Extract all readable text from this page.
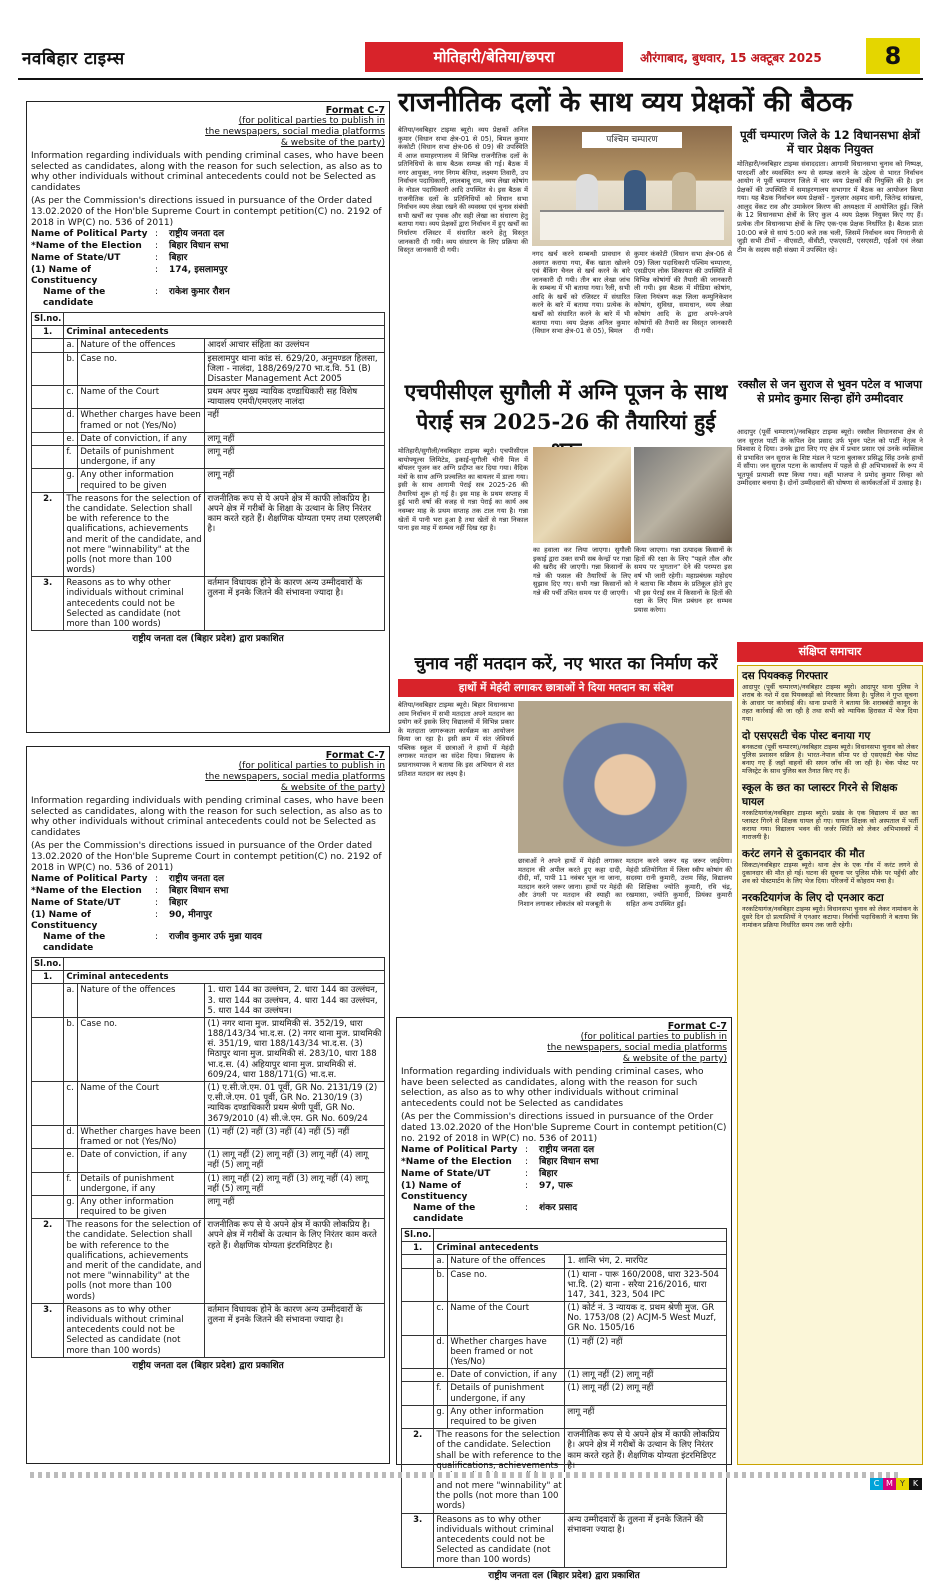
नवबिहार टाइम्स	मोतिहारी/बेतिया/छपरा	औरंगाबाद, बुधवार, 15 अक्टूबर 2025	8
Format C-7
(for political parties to publish in
the newspapers, social media platforms
& website of the party)
Information regarding individuals with pending criminal cases, who have been selected as candidates, along with the reason for such selection, as also as to why other individuals without criminal antecedents could not be Selected as candidates
(As per the Commission's directions issued in pursuance of the Order dated 13.02.2020 of the Hon'ble Supreme Court in contempt petition(C) no. 2192 of 2018 in WP(C) no. 536 of 2011)
Name of Political Party :	राष्ट्रीय जनता दल
*Name of the Election	:	बिहार विधान सभा
Name of State/UT	:	बिहार
(1) Name of Constituency
:	174, इसलामपुर
Name of the candidate
:	राकेश कुमार रौशन
Sl.no.			
1.	Criminal antecedents		
	a.	Nature of the offences	आदर्श आचार संहिता का उल्लंघन
	b.	Case no.	इसलामपुर थाना कांड सं. 629/20, अनुमण्डल हिलसा, जिला - नालंदा, 188/269/270 भा.द.वि. 51 (B) Disaster Management Act 2005
	c.	Name of the Court	प्रथम अपर मुख्य न्यायिक दण्डाधिकारी सह विशेष न्यायालय एमपी/एमएलए नालंदा
	d.	Whether charges have been framed or not (Yes/No)	नहीं
	e.	Date of conviction, if any	लागू नहीं
	f.	Details of punishment undergone, if any	लागू नहीं
	g.	Any other information required to be given	लागू नहीं
2.	The reasons for the selection of the candidate. Selection shall be with reference to the qualifications, achievements and merit of the candidate, and not mere "winnability" at the polls (not more than 100 words)		राजनीतिक रूप से ये अपने क्षेत्र में काफी लोकप्रिय है। अपने क्षेत्र में गरीबों के शिक्षा के उत्थान के लिए निरंतर काम करते रहते हैं। शैक्षणिक योग्यता एमए तथा एलएलबी है।
3.	Reasons as to why other individuals without criminal antecedents could not be Selected as candidate (not more than 100 words)		वर्तमान विधायक होने के कारण अन्य उम्मीदवारों के तुलना में इनके जितने की संभावना ज्यादा है।
राष्ट्रीय जनता दल (बिहार प्रदेश) द्वारा प्रकाशित
Format C-7
(for political parties to publish in
the newspapers, social media platforms
& website of the party)
Information regarding individuals with pending criminal cases, who have been selected as candidates, along with the reason for such selection, as also as to why other individuals without criminal antecedents could not be Selected as candidates
(As per the Commission's directions issued in pursuance of the Order dated 13.02.2020 of the Hon'ble Supreme Court in contempt petition(C) no. 2192 of 2018 in WP(C) no. 536 of 2011)
Name of Political Party :	राष्ट्रीय जनता दल
*Name of the Election	:	बिहार विधान सभा
Name of State/UT	:	बिहार
(1) Name of Constituency
:	90, मीनापुर
Name of the candidate
:	राजीव कुमार उर्फ मुन्ना यादव
Sl.no.			
1.	Criminal antecedents		
	a.	Nature of the offences	1. धारा 144 का उल्लंघन, 2. धारा 144 का उल्लंघन, 3. धारा 144 का उल्लंघन, 4. धारा 144 का उल्लंघन, 5. धारा 144 का उल्लंघन।
	b.	Case no.	(1) नगर थाना मुज. प्राथमिकी सं. 352/19, धारा 188/143/34 भा.द.स. (2) नगर थाना मुज. प्राथमिकी सं. 351/19, धारा 188/143/34 भा.द.स. (3) मिठापुर थाना मुज. प्राथमिकी सं. 283/10, धारा 188 भा.द.स. (4) अहियापुर थाना मुज. प्राथमिकी सं. 609/24, धारा 188/171(G) भा.द.स.
	c.	Name of the Court	(1) ए.सी.जे.एम. 01 पूर्वी, GR No. 2131/19 (2) ए.सी.जे.एम. 01 पूर्वी, GR No. 2130/19 (3) न्यायिक दण्डाधिकारी प्रथम श्रेणी पूर्वी, GR No. 3679/2010 (4) सी.जे.एम. GR No. 609/24
	d.	Whether charges have been framed or not (Yes/No)	(1) नहीं (2) नहीं (3) नहीं (4) नहीं (5) नहीं
	e.	Date of conviction, if any	(1) लागू नहीं (2) लागू नहीं (3) लागू नहीं (4) लागू नहीं (5) लागू नहीं
	f.	Details of punishment undergone, if any	(1) लागू नहीं (2) लागू नहीं (3) लागू नहीं (4) लागू नहीं (5) लागू नहीं
	g.	Any other information required to be given	लागू नहीं
2.	The reasons for the selection of the candidate. Selection shall be with reference to the qualifications, achievements and merit of the candidate, and not mere "winnability" at the polls (not more than 100 words)		राजनीतिक रूप से ये अपने क्षेत्र में काफी लोकप्रिय है। अपने क्षेत्र में गरीबों के उत्थान के लिए निरंतर काम करते रहते हैं। शैक्षणिक योग्यता इंटरमिडिएट है।
3.	Reasons as to why other individuals without criminal antecedents could not be Selected as candidate (not more than 100 words)		वर्तमान विधायक होने के कारण अन्य उम्मीदवारों के तुलना में इनके जितने की संभावना ज्यादा है।
राष्ट्रीय जनता दल (बिहार प्रदेश) द्वारा प्रकाशित
Format C-7
(for political parties to publish in
the newspapers, social media platforms
& website of the party)
Information regarding individuals with pending criminal cases, who have been selected as candidates, along with the reason for such selection, as also as to why other individuals without criminal antecedents could not be Selected as candidates
(As per the Commission's directions issued in pursuance of the Order dated 13.02.2020 of the Hon'ble Supreme Court in contempt petition(C) no. 2192 of 2018 in WP(C) no. 536 of 2011)
Name of Political Party :	राष्ट्रीय जनता दल
*Name of the Election	:	बिहार विधान सभा
Name of State/UT	:	बिहार
(1) Name of Constituency
:	97, पारू
Name of the candidate
:	शंकर प्रसाद
Sl.no.			
1.	Criminal antecedents		
	a.	Nature of the offences	1. शान्ति भंग, 2. मारपिट
	b.	Case no.	(1) थाना - पारू 160/2008, धारा 323-504 भा.दि. (2) थाना - सरैया 216/2016, धारा 147, 341, 323, 504 IPC
	c.	Name of the Court	(1) कोर्ट नं. 3 न्यायक द. प्रथम श्रेणी मुज. GR No. 1753/08 (2) ACJM-5 West Muzf, GR No. 1505/16
	d.	Whether charges have been framed or not (Yes/No)	(1) नहीं (2) नहीं
	e.	Date of conviction, if any	(1) लागू नहीं (2) लागू नहीं
	f.	Details of punishment undergone, if any	(1) लागू नहीं (2) लागू नहीं
	g.	Any other information required to be given	लागू नहीं
2.	The reasons for the selection of the candidate. Selection shall be with reference to the qualifications, achievements and not mere "winnability" at the polls (not more than 100 words)		राजनीतिक रूप से ये अपने क्षेत्र में काफी लोकप्रिय है। अपने क्षेत्र में गरीबों के उत्थान के लिए निरंतर काम करते रहते हैं। शैक्षणिक योग्यता इंटरमिडिएट है।
3.	Reasons as to why other individuals without criminal antecedents could not be Selected as candidate (not more than 100 words)		अन्य उम्मीदवारों के तुलना में इनके जितने की संभावना ज्यादा है।
राष्ट्रीय जनता दल (बिहार प्रदेश) द्वारा प्रकाशित
राजनीतिक दलों के साथ व्यय प्रेक्षकों की बैठक
पश्चिम चम्पारण
बेतिया/नवबिहार टाइम्स ब्यूरो। व्यय प्रेक्षकों अनिल कुमार (विधान सभा क्षेत्र-01 से 05), बिमल कुमार कंकोटी (विधान सभा क्षेत्र-06 से 09) की उपस्थिति में आज समाहरणालय में विभिन्न राजनीतिक दलों के प्रतिनिधियों के साथ बैठक सम्पन्न की गई। बैठक में नगर आयुक्त, नगर निगम बेतिया, लक्ष्मण तिवारी, उप निर्वाचन पदाधिकारी, लालबाबू राम, व्यय लेखा कोषांग के नोडल पदाधिकारी आदि उपस्थित थे। इस बैठक में राजनीतिक दलों के प्रतिनिधियों को विधान सभा निर्वाचन व्यय लेखा रखने की व्यवस्था एवं चुनाव संबंधी सभी खर्चों का पृथक और सही लेखा का संधारण हेतु बताया गया। व्यय प्रेक्षकों द्वारा निर्वाचन में हुए खर्चों का निर्धारण रजिस्टर में संधारित करने हेतु विस्तृत जानकारी दी गयी। व्यय संधारण के लिए प्रक्रिया की विस्तृत जानकारी दी गयी।	नगद खर्च करने सम्बन्धी प्रावधान से अवगत कराया गया, बैंक खाता खोलने एवं बैंकिंग चैनल से खर्च करने के बारे जानकारी दी गयी। तीन बार लेखा जांच के सम्बन्ध में भी बताया गया। रैली, सभी आदि के खर्चे को रजिस्टर में संधारित करने के बारे में बताया गया। प्रत्येक के खर्चों को संधारित करने के बारे में भी बताया गया। व्यय प्रेक्षक अनिल कुमार (विधान सभा क्षेत्र-01 से 05), बिमल
कुमार कंकोटी (विधान सभा क्षेत्र-06 से 09) जिला पदाधिकारी पश्चिम चम्पारण, एसडीएम लोक शिकायत की उपस्थिति में विभिन्न कोषांगों की तैयारी की जानकारी ली गयी। इस बैठक में मीडिया कोषांग, जिला नियंत्रण कक्ष जिला कम्युनिकेशन कोषांग, सुविधा, समाधान, व्यय लेखा कोषांग आदि के द्वारा अपने-अपने कोषांगों की तैयारी का विस्तृत जानकारी दी गयी।
पूर्वी चम्पारण जिले के 12 विधानसभा क्षेत्रों में चार प्रेक्षक नियुक्त
मोतिहारी/नवबिहार टाइम्स संवाददाता। आगामी विधानसभा चुनाव को निष्पक्ष, पारदर्शी और व्यवस्थित रूप से सम्पन्न कराने के उद्देश्य से भारत निर्वाचन आयोग ने पूर्वी चम्पारण जिले में चार व्यय प्रेक्षकों की नियुक्ति की है। इन प्रेक्षकों की उपस्थिति में समाहरणालय सभागार में बैठक का आयोजन किया गया। यह बैठक निर्वाचन व्यय प्रेक्षकों - गुलज़ार अहमद वानी, जितेन्द्र सांखला, आलुद वेंकट राव और उमाकेरन किरण की अध्यक्षता में आयोजित हुई। जिले के 12 विधानसभा क्षेत्रों के लिए कुल 4 व्यय प्रेक्षक नियुक्त किए गए हैं। प्रत्येक तीन विधानसभा क्षेत्रों के लिए एक-एक प्रेक्षक निर्धारित है। बैठक प्रातः 10:00 बजे से सायं 5:00 बजे तक चली, जिसमें निर्वाचन व्यय निगरानी से जुड़ी सभी टीमों - वीएसटी, वीवीटी, एफएसटी, एसएसटी, एईओ एवं लेखा टीम के सदस्य सही संख्या में उपस्थित रहे।
एचपीसीएल सुगौली में अग्नि पूजन के साथ
पेराई सत्र 2025-26 की तैयारियां हुई
मोतिहारी/सुगौली/नवबिहार टाइम्स ब्यूरो। एचपीसीएल बायोफ्यूल्स लिमिटेड, इकाई-सुगौली चीनी मिल में बॉयलर पूजन कर अग्नि प्रदीप्त कर दिया गया। वैदिक मंत्रों के साथ अग्नि प्रज्वलित का बायलर में डाला गया। इसी के साथ आगामी पेराई सत्र 2025-26 की तैयारियां शुरू हो गई है। इस माह के प्रथम सप्ताह में हुई भारी वर्षा की वजह से गन्ना पेराई का कार्य अब नवम्बर माह के प्रथम सप्ताह तक टाल गया है। गन्ना खेतों में पानी भरा हुआ है तथा खेतों से गन्ना निकाल पाना इस माह में सम्भव नहीं दिख रहा है।
का हवाला कर लिया जाएगा। सुगौली इकाई द्वारा उक्त सभी सब केन्द्रों पर गन्ना की खरीद की जाएगी। गन्ना किसानों के गन्ने की फसल की तैयारियों के लिए सुझाव दिए गए। सभी गन्ना किसानों को गन्ने की पर्ची उचित समय पर दी जाएगी।
किया जाएगा। गन्ना उत्पादक किसानों के हितों की रक्षा के लिए "पहले तौल और समय पर भुगतान" देने की परम्परा इस वर्ष भी जारी रहेगी। महाप्रबंधक महोदय ने बताया कि मौसम के प्रतिकूल होते हुए भी इस पेराई सत्र में किसानों के हितों की रक्षा के लिए मिल प्रबंधन हर सम्भव प्रयास करेगा।
रक्सौल से जन सुराज से भुवन पटेल व भाजपा से प्रमोद कुमार सिन्हा होंगे उम्मीदवार
आदापुर (पूर्वी चम्पारण)/नवबिहार टाइम्स ब्यूरो। रक्सौल विधानसभा क्षेत्र से जन सुराज पार्टी के कपिल देव प्रसाद उर्फ भुवन पटेल को पार्टी नेतृत्व ने विश्वास दे दिया। उनके द्वारा लिए गए क्षेत्र में प्रचार प्रसार एवं उनके व्यक्तित्व से प्रभावित जन सुराज के शिष्ट मंडल ने पटना बुलाकर प्रसिद्ध सिंह उनके हाथों में सौंपा। जन सुराज पटना के कार्यालय में पहले से ही अभिभावकों के रूप में भूतपूर्व प्रत्याशी स्पष्ट किया गया। वहीं भाजपा ने प्रमोद कुमार सिन्हा को उम्मीदवार बनाया है। दोनों उम्मीदवारों की घोषणा से कार्यकर्ताओं में उत्साह है।
चुनाव नहीं मतदान करें, नए भारत का निर्माण करें
हाथों में मेहंदी लगाकर छात्राओं ने दिया मतदान का संदेश
बेतिया/नवबिहार टाइम्स ब्यूरो। बिहार विधानसभा आम निर्वाचन में सभी मतदाता अपने मतदान का प्रयोग करें इसके लिए विद्यालयों में विभिन्न प्रकार के मतदाता जागरूकता कार्यक्रम का आयोजन किया जा रहा है। इसी क्रम में संत जेवियर्स पब्लिक स्कूल में छात्राओं ने हाथों में मेहंदी लगाकर मतदान का संदेश दिया। विद्यालय के प्रधानाध्यापक ने बताया कि इस अभियान से शत प्रतिशत मतदान का लक्ष्य है।
छात्राओं ने अपने हाथों में मेहंदी लगाकर मतदान की अपील करते हुए कहा दादी, दीदी, माँ, पापी 11 नवंबर भूल ना जाना, मतदान करने जरूर जाना। हाथों पर मेहंदी और उंगली पर मतदान की स्याही का निशान लगाकर लोकतंत्र को मजबूती के
मतदान करने जरूर यह जरूर जाईयेगा। मेहंदी प्रतियोगिता में जिला स्वीप कोषांग की सदस्या रानी कुमारी, उत्तम सिंह, विद्यालय की शिक्षिका ज्योति कुमारी, रवि चंद्र, रखमासा, ज्योति कुमारी, प्रियंका कुमारी सहित अन्य उपस्थित हुईं।
संक्षिप्त समाचार
दस पियक्कड़ गिरफ्तार
आदापुर (पूर्वी चम्पारण)/नवबिहार टाइम्स ब्यूरो। आदापुर थाना पुलिस ने शराब के नशे में दस पियक्कड़ों को गिरफ्तार किया है। पुलिस ने गुप्त सूचना के आधार पर कार्रवाई की। थाना प्रभारी ने बताया कि शराबबंदी कानून के तहत कार्रवाई की जा रही है तथा सभी को न्यायिक हिरासत में भेज दिया गया।
दो एसएसटी चेक पोस्ट बनाया गए
बनकटवा (पूर्वी चम्पारण)/नवबिहार टाइम्स ब्यूरो। विधानसभा चुनाव को लेकर पुलिस प्रशासन सक्रिय है। भारत-नेपाल सीमा पर दो एसएसटी चेक पोस्ट बनाए गए हैं जहाँ वाहनों की सघन जाँच की जा रही है। चेक पोस्ट पर मजिस्ट्रेट के साथ पुलिस बल तैनात किए गए हैं।
स्कूल के छत का प्लास्टर गिरने से शिक्षक घायल
नरकटियागंज/नवबिहार टाइम्स ब्यूरो। प्रखंड के एक विद्यालय में छत का प्लास्टर गिरने से शिक्षक घायल हो गए। घायल शिक्षक को अस्पताल में भर्ती कराया गया। विद्यालय भवन की जर्जर स्थिति को लेकर अभिभावकों में नाराजगी है।
करंट लगने से दुकानदार की मौत
सिकटा/नवबिहार टाइम्स ब्यूरो। थाना क्षेत्र के एक गाँव में करंट लगने से दुकानदार की मौत हो गई। घटना की सूचना पर पुलिस मौके पर पहुँची और शव को पोस्टमार्टम के लिए भेज दिया। परिजनों में कोहराम मचा है।
नरकटियागंज के लिए दो एनआर कटा
नरकटियागंज/नवबिहार टाइम्स ब्यूरो। विधानसभा चुनाव को लेकर नामांकन के दूसरे दिन दो प्रत्याशियों ने एनआर कटाया। निर्वाची पदाधिकारी ने बताया कि नामांकन प्रक्रिया निर्धारित समय तक जारी रहेगी।
C M Y K
